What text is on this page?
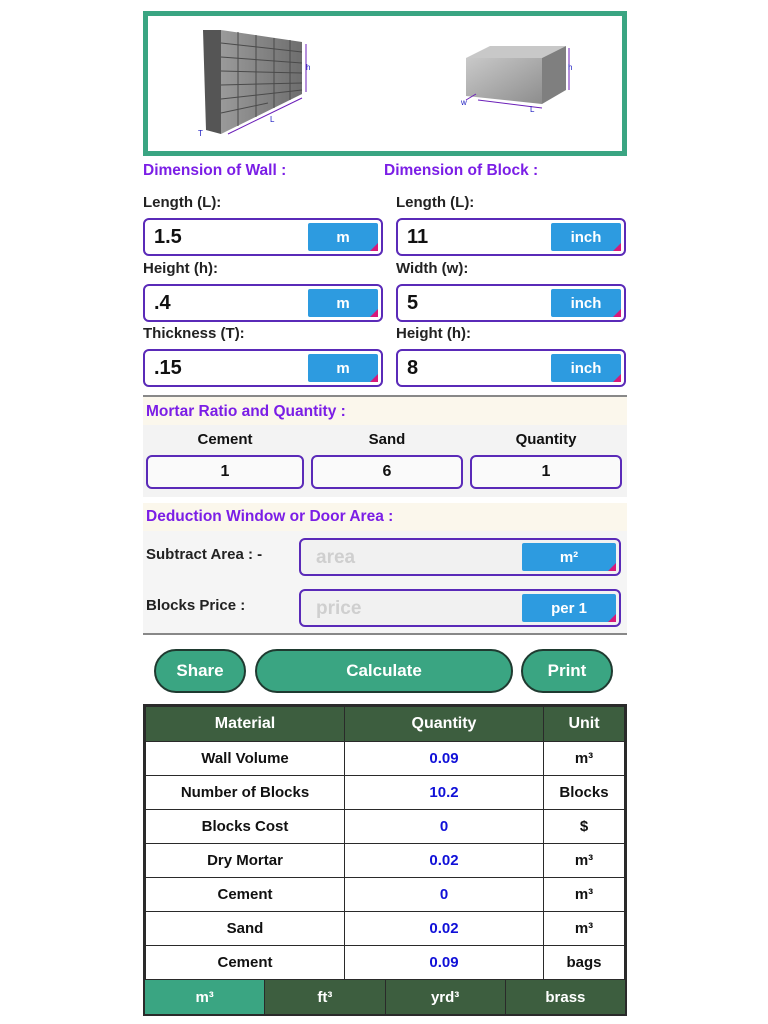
h
L
T
h
L
w
Dimension of Wall :	Dimension of Block :
Length (L):
1.5	m
Height (h):
.4	m
Thickness (T):
.15	m
Length (L):
11	inch
Width (w):
5	inch
Height (h):
8	inch
Mortar Ratio and Quantity :
Cement	Sand	Quantity
1	6	1
Deduction Window or Door Area :
Subtract Area : -
area	m²
Blocks Price :
price	per 1
Share	Calculate	Print
Material	Quantity	Unit
Wall Volume	0.09	m³
Number of Blocks	10.2	Blocks
Blocks Cost	0	$
Dry Mortar	0.02	m³
Cement	0	m³
Sand	0.02	m³
Cement	0.09	bags
m³	ft³	yrd³	brass
